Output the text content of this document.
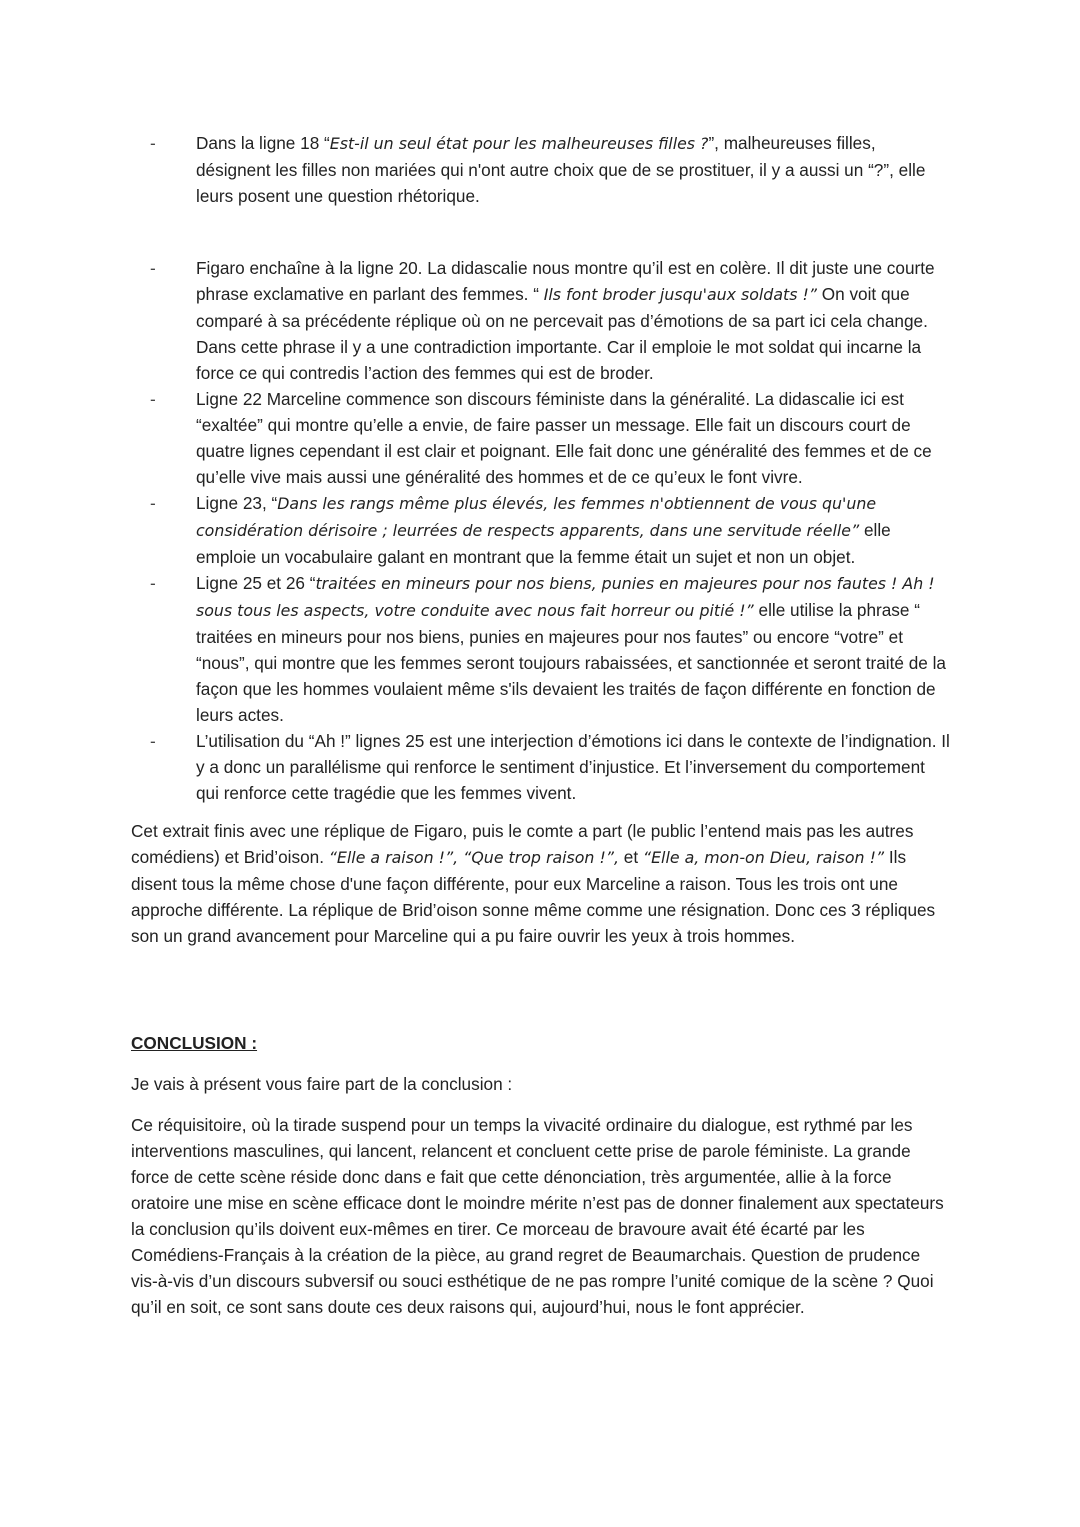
-	Dans la ligne 18 “Est-il un seul état pour les malheureuses filles ?”, malheureuses filles, désignent les filles non mariées qui n'ont autre choix que de se prostituer, il y a aussi un “?”, elle leurs posent une question rhétorique.
-	Figaro enchaîne à la ligne 20. La didascalie nous montre qu’il est en colère. Il dit juste une courte phrase exclamative en parlant des femmes. “ Ils font broder jusqu'aux soldats !” On voit que comparé à sa précédente réplique où on ne percevait pas d’émotions de sa part ici cela change. Dans cette phrase il y a une contradiction importante. Car il emploie le mot soldat qui incarne la force ce qui contredis l’action des femmes qui est de broder.
-	Ligne 22 Marceline commence son discours féministe dans la généralité. La didascalie ici est “exaltée” qui montre qu’elle a envie, de faire passer un message. Elle fait un discours court de quatre lignes cependant il est clair et poignant. Elle fait donc une généralité des femmes et de ce qu’elle vive mais aussi une généralité des hommes et de ce qu’eux le font vivre.
-	Ligne 23, “Dans les rangs même plus élevés, les femmes n'obtiennent de vous qu'une considération dérisoire ; leurrées de respects apparents, dans une servitude réelle” elle emploie un vocabulaire galant en montrant que la femme était un sujet et non un objet.
-	Ligne 25 et 26 “traitées en mineurs pour nos biens, punies en majeures pour nos fautes ! Ah ! sous tous les aspects, votre conduite avec nous fait horreur ou pitié !” elle utilise la phrase “ traitées en mineurs pour nos biens, punies en majeures pour nos fautes” ou encore “votre” et “nous”, qui montre que les femmes seront toujours rabaissées, et sanctionnée et seront traité de la façon que les hommes voulaient même s'ils devaient les traités de façon différente en fonction de leurs actes.
-	L’utilisation du “Ah !” lignes 25 est une interjection d’émotions ici dans le contexte de l’indignation. Il y a donc un parallélisme qui renforce le sentiment d’injustice. Et l’inversement du comportement qui renforce cette tragédie que les femmes vivent.
Cet extrait finis avec une réplique de Figaro, puis le comte a part (le public l’entend mais pas les autres comédiens) et Brid’oison. “Elle a raison !”, “Que trop raison !”, et “Elle a, mon-on Dieu, raison !” Ils disent tous la même chose d'une façon différente, pour eux Marceline a raison. Tous les trois ont une approche différente. La réplique de Brid’oison sonne même comme une résignation. Donc ces 3 répliques son un grand avancement pour Marceline qui a pu faire ouvrir les yeux à trois hommes.
CONCLUSION :
Je vais à présent vous faire part de la conclusion :
Ce réquisitoire, où la tirade suspend pour un temps la vivacité ordinaire du dialogue, est rythmé par les interventions masculines, qui lancent, relancent et concluent cette prise de parole féministe. La grande force de cette scène réside donc dans e fait que cette dénonciation, très argumentée, allie à la force oratoire une mise en scène efficace dont le moindre mérite n’est pas de donner finalement aux spectateurs la conclusion qu’ils doivent eux-mêmes en tirer. Ce morceau de bravoure avait été écarté par les Comédiens-Français à la création de la pièce, au grand regret de Beaumarchais. Question de prudence vis-à-vis d’un discours subversif ou souci esthétique de ne pas rompre l’unité comique de la scène ? Quoi qu’il en soit, ce sont sans doute ces deux raisons qui, aujourd’hui, nous le font apprécier.
